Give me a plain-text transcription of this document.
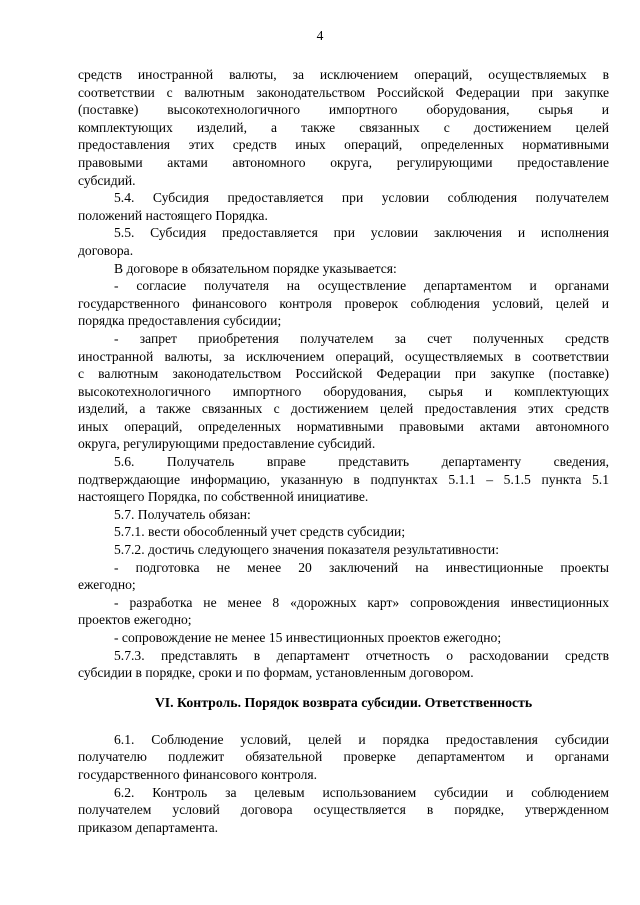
4
средств иностранной валюты, за исключением операций, осуществляемых в
соответствии с валютным законодательством Российской Федерации при закупке
(поставке) высокотехнологичного импортного оборудования, сырья и
комплектующих изделий, а также связанных с достижением целей
предоставления этих средств иных операций, определенных нормативными
правовыми актами автономного округа, регулирующими предоставление
субсидий.
5.4. Субсидия предоставляется при условии соблюдения получателем
положений настоящего Порядка.
5.5. Субсидия предоставляется при условии заключения и исполнения
договора.
В договоре в обязательном порядке указывается:
- согласие получателя на осуществление департаментом и органами
государственного финансового контроля проверок соблюдения условий, целей и
порядка предоставления субсидии;
- запрет приобретения получателем за счет полученных средств
иностранной валюты, за исключением операций, осуществляемых в соответствии
с валютным законодательством Российской Федерации при закупке (поставке)
высокотехнологичного импортного оборудования, сырья и комплектующих
изделий, а также связанных с достижением целей предоставления этих средств
иных операций, определенных нормативными правовыми актами автономного
округа, регулирующими предоставление субсидий.
5.6. Получатель вправе представить департаменту сведения,
подтверждающие информацию, указанную в подпунктах 5.1.1 – 5.1.5 пункта 5.1
настоящего Порядка, по собственной инициативе.
5.7. Получатель обязан:
5.7.1. вести обособленный учет средств субсидии;
5.7.2. достичь следующего значения показателя результативности:
- подготовка не менее 20 заключений на инвестиционные проекты
ежегодно;
- разработка не менее 8 «дорожных карт» сопровождения инвестиционных
проектов ежегодно;
- сопровождение не менее 15 инвестиционных проектов ежегодно;
5.7.3. представлять в департамент отчетность о расходовании средств
субсидии в порядке, сроки и по формам, установленным договором.
VI. Контроль. Порядок возврата субсидии. Ответственность
6.1. Соблюдение условий, целей и порядка предоставления субсидии
получателю подлежит обязательной проверке департаментом и органами
государственного финансового контроля.
6.2. Контроль за целевым использованием субсидии и соблюдением
получателем условий договора осуществляется в порядке, утвержденном
приказом департамента.
